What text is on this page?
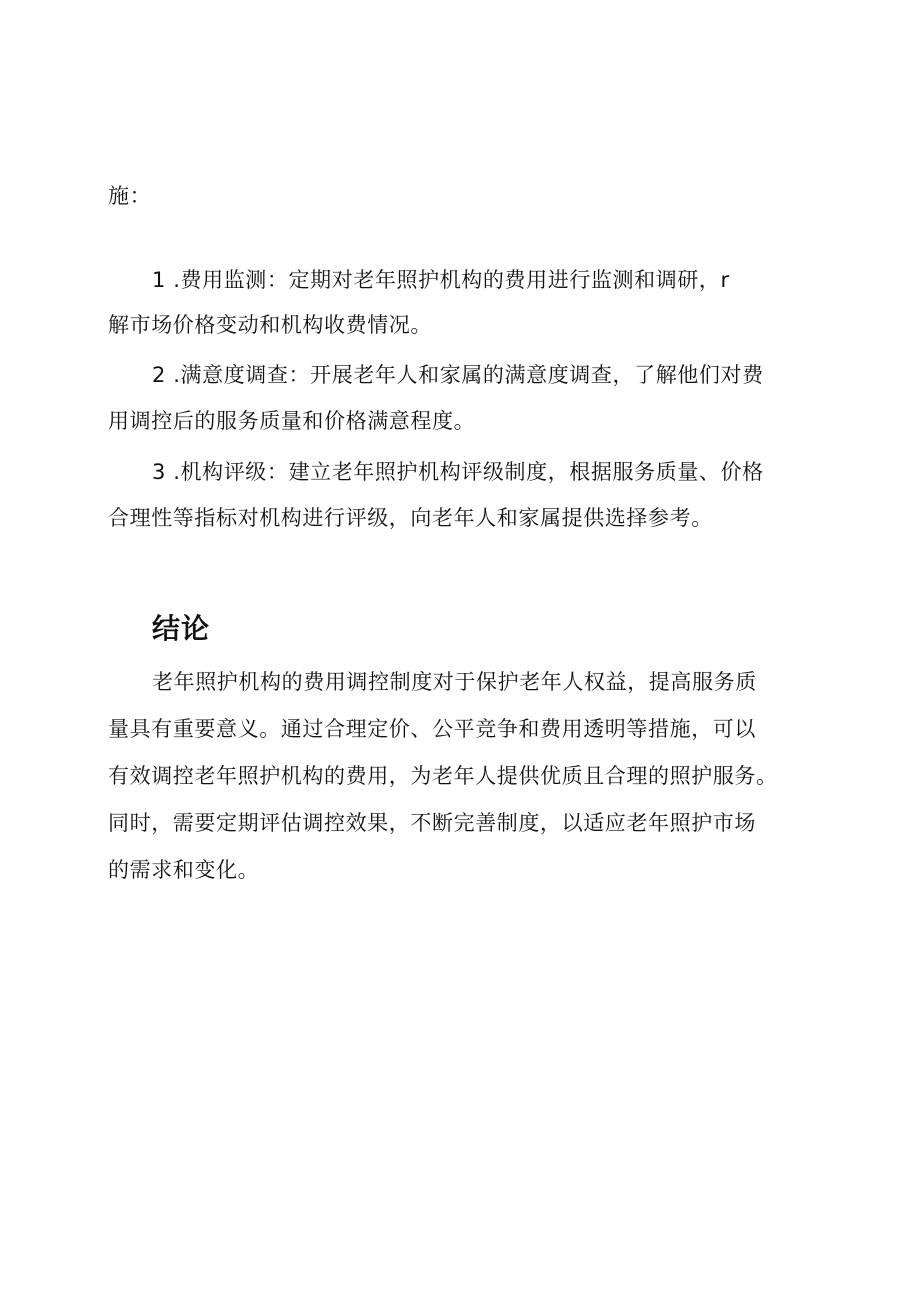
施：
1 .费用监测：定期对老年照护机构的费用进行监测和调研，r
解市场价格变动和机构收费情况。
2 .满意度调查：开展老年人和家属的满意度调查，了解他们对费
用调控后的服务质量和价格满意程度。
3 .机构评级：建立老年照护机构评级制度，根据服务质量、价格
合理性等指标对机构进行评级，向老年人和家属提供选择参考。
结论
老年照护机构的费用调控制度对于保护老年人权益，提高服务质
量具有重要意义。通过合理定价、公平竞争和费用透明等措施，可以
有效调控老年照护机构的费用，为老年人提供优质且合理的照护服务。
同时，需要定期评估调控效果，不断完善制度，以适应老年照护市场
的需求和变化。
